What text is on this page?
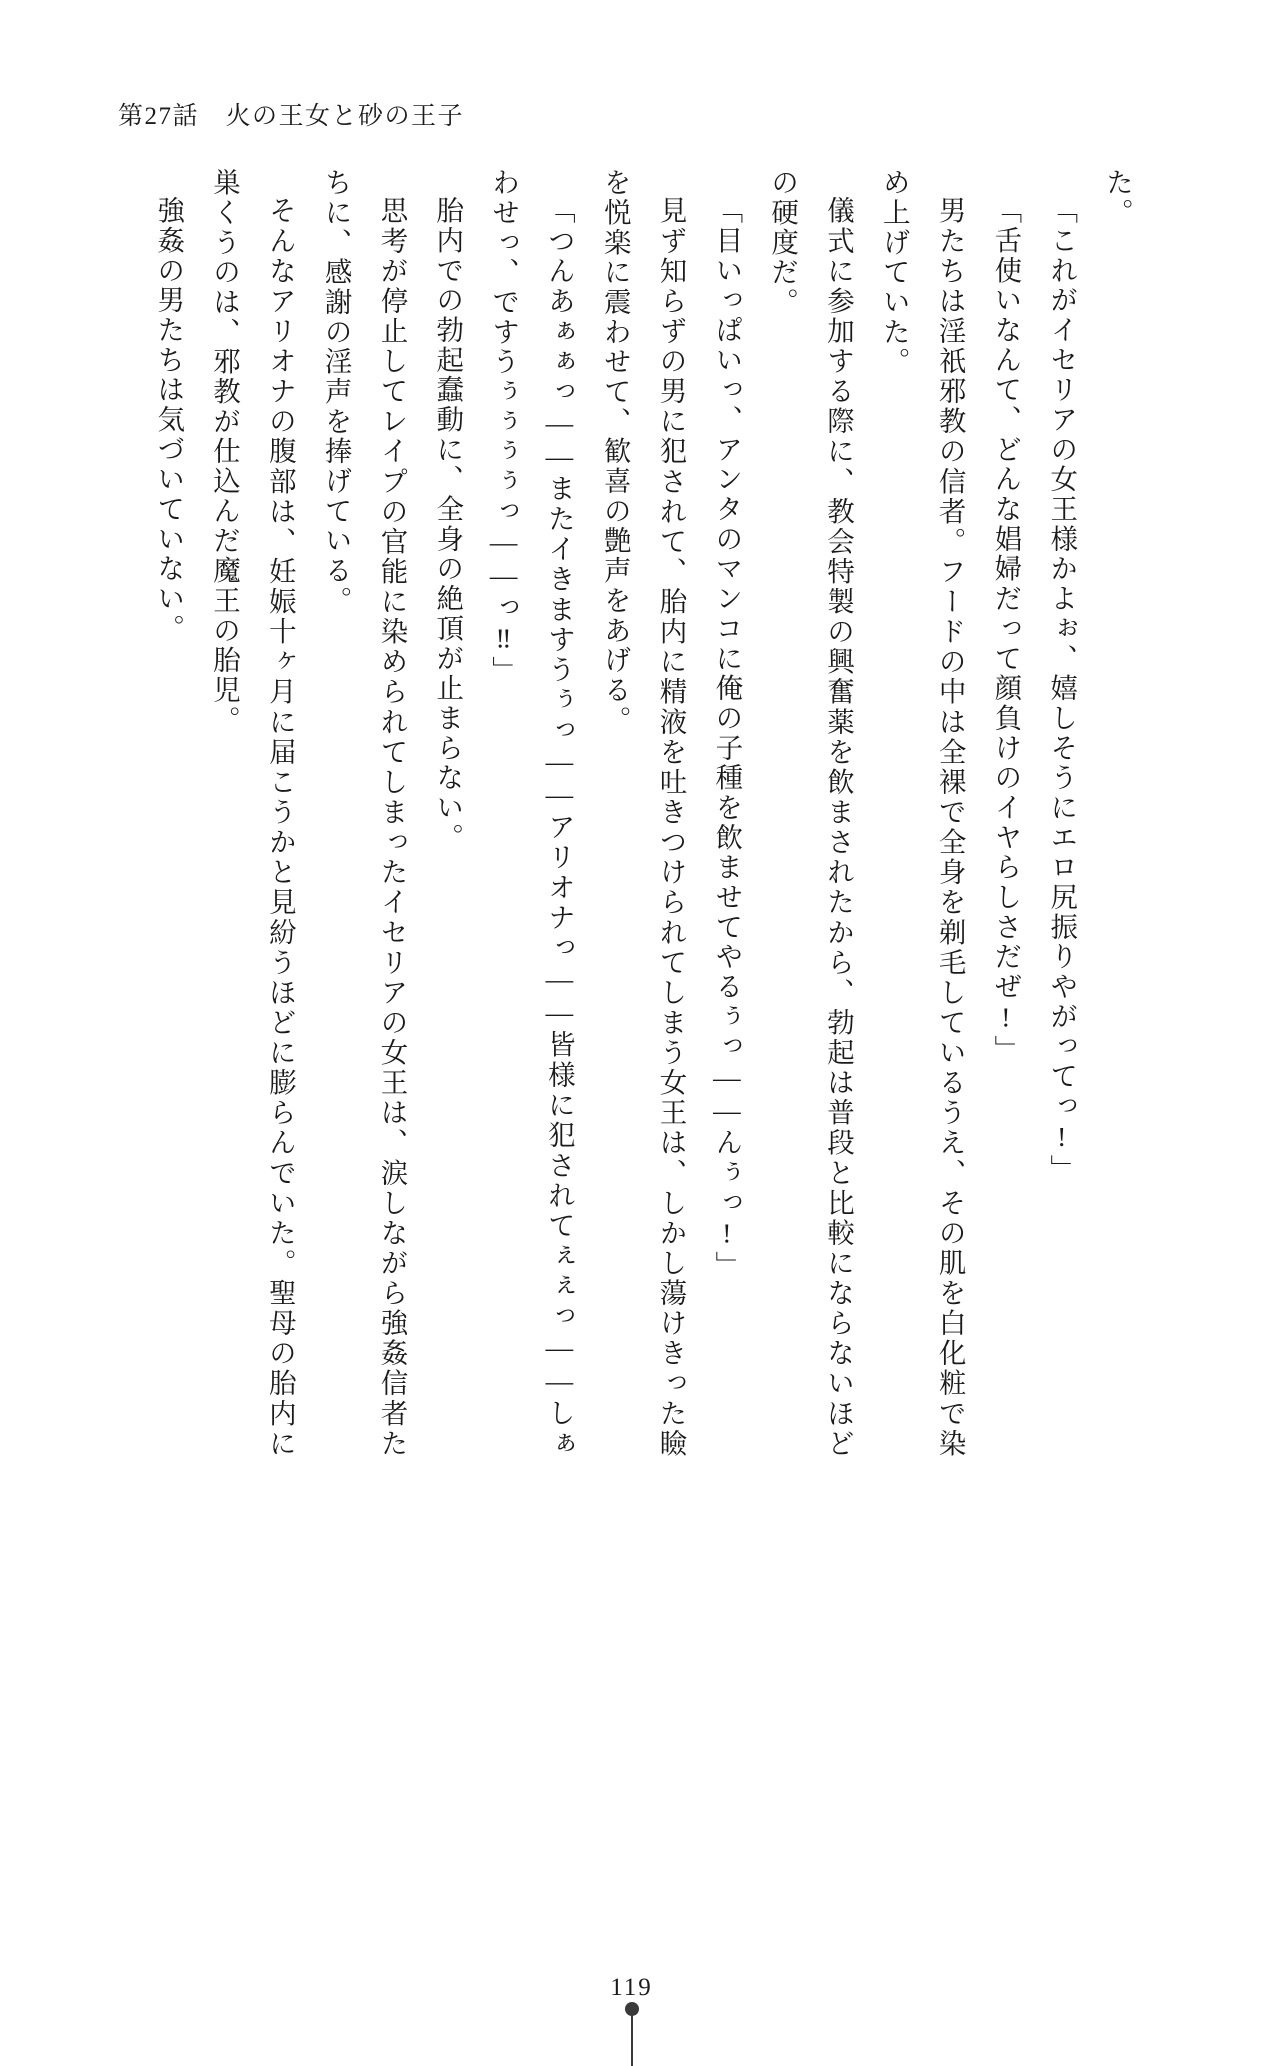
第27話　火の王女と砂の王子

た。

「これがイセリアの女王様かよぉ、嬉しそうにエロ尻振りやがってっ!」

「舌使いなんて、どんな娼婦だって顔負けのイヤらしさだぜ!」

男たちは淫祇邪教の信者。フードの中は全裸で全身を剃毛しているうえ、その肌を白化粧で染め上げていた。

儀式に参加する際に、教会特製の興奮薬を飲まされたから、勃起は普段と比較にならないほどの硬度だ。

「目いっぱいっ、アンタのマンコに俺の子種を飲ませてやるぅっ——んぅっ!」

見ず知らずの男に犯されて、胎内に精液を吐きつけられてしまう女王は、しかし蕩けきった瞼を悦楽に震わせて、歓喜の艶声をあげる。

「つんあぁぁっ——またイきますうぅっ——アリオナっ——皆様に犯されてぇぇっ——しぁわせっ、ですうぅぅぅぅっ——っ‼」

胎内での勃起蠢動に、全身の絶頂が止まらない。

思考が停止してレイプの官能に染められてしまったイセリアの女王は、涙しながら強姦信者たちに、感謝の淫声を捧げている。

そんなアリオナの腹部は、妊娠十ヶ月に届こうかと見紛うほどに膨らんでいた。聖母の胎内に巣くうのは、邪教が仕込んだ魔王の胎児。

強姦の男たちは気づいていない。

119
